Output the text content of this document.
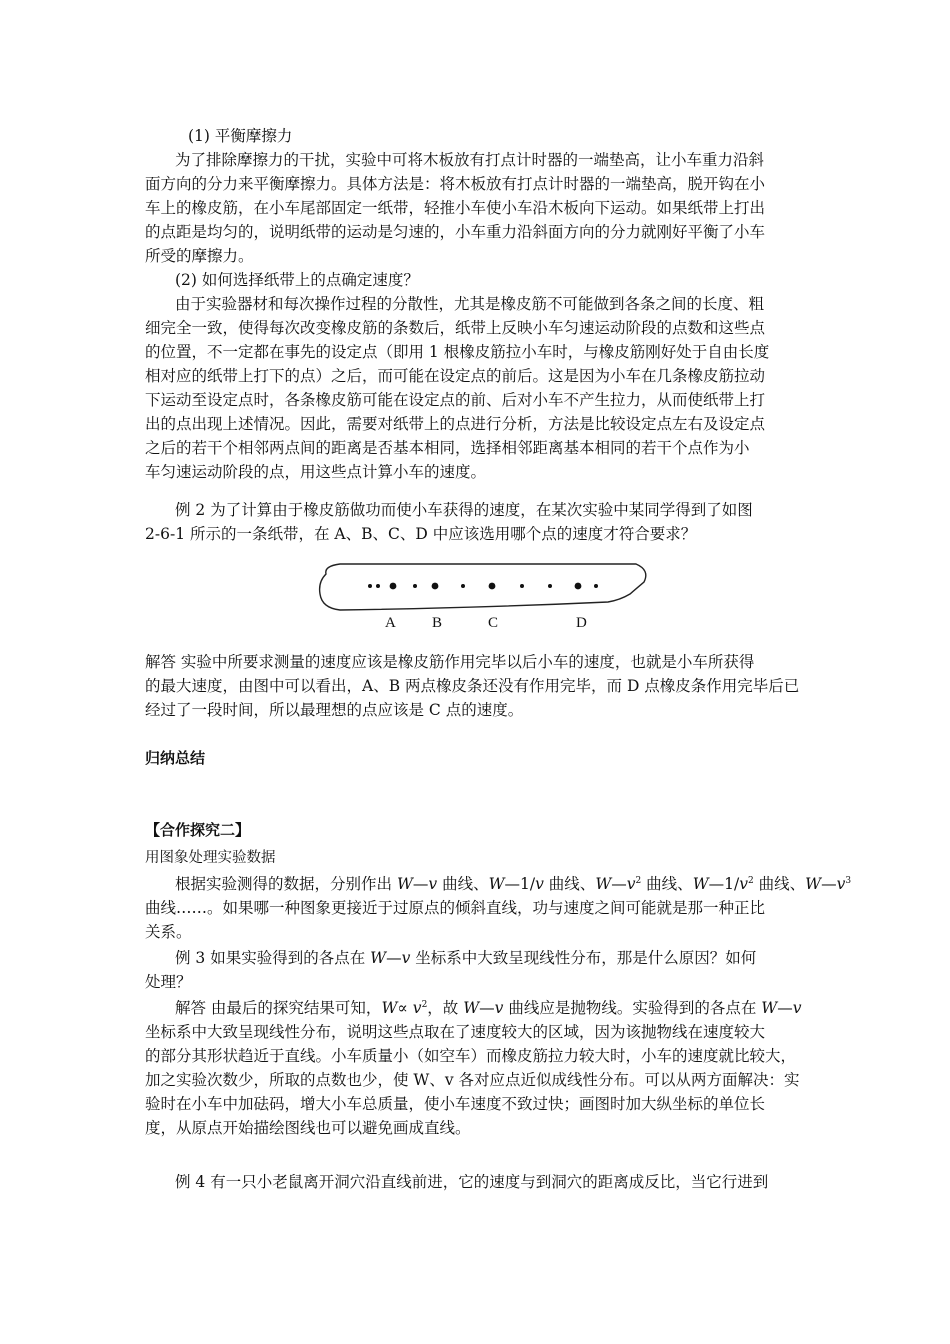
(1) 平衡摩擦力
为了排除摩擦力的干扰，实验中可将木板放有打点计时器的一端垫高，让小车重力沿斜
面方向的分力来平衡摩擦力。具体方法是：将木板放有打点计时器的一端垫高，脱开钩在小
车上的橡皮筋，在小车尾部固定一纸带，轻推小车使小车沿木板向下运动。如果纸带上打出
的点距是均匀的，说明纸带的运动是匀速的，小车重力沿斜面方向的分力就刚好平衡了小车
所受的摩擦力。
(2) 如何选择纸带上的点确定速度？
由于实验器材和每次操作过程的分散性，尤其是橡皮筋不可能做到各条之间的长度、粗
细完全一致，使得每次改变橡皮筋的条数后，纸带上反映小车匀速运动阶段的点数和这些点
的位置，不一定都在事先的设定点（即用 1 根橡皮筋拉小车时，与橡皮筋刚好处于自由长度
相对应的纸带上打下的点）之后，而可能在设定点的前后。这是因为小车在几条橡皮筋拉动
下运动至设定点时，各条橡皮筋可能在设定点的前、后对小车不产生拉力，从而使纸带上打
出的点出现上述情况。因此，需要对纸带上的点进行分析，方法是比较设定点左右及设定点
之后的若干个相邻两点间的距离是否基本相同，选择相邻距离基本相同的若干个点作为小
车匀速运动阶段的点，用这些点计算小车的速度。
例 2 为了计算由于橡皮筋做功而使小车获得的速度，在某次实验中某同学得到了如图
2-6-1 所示的一条纸带，在 A、B、C、D 中应该选用哪个点的速度才符合要求？
A B	C	D
解答 实验中所要求测量的速度应该是橡皮筋作用完毕以后小车的速度，也就是小车所获得
的最大速度，由图中可以看出，A、B 两点橡皮条还没有作用完毕，而 D 点橡皮条作用完毕后已
经过了一段时间，所以最理想的点应该是 C 点的速度。
归纳总结
【合作探究二】
用图象处理实验数据
根据实验测得的数据，分别作出 W—v 曲线、W—1/v 曲线、$W—v^2$ 曲线、$W—1/v^2$ 曲线、$W—v^3$
曲线……。如果哪一种图象更接近于过原点的倾斜直线，功与速度之间可能就是那一种正比
关系。
例 3 如果实验得到的各点在 W—v 坐标系中大致呈现线性分布，那是什么原因？如何
处理？
解答 由最后的探究结果可知，$W\propto v^2$，故 W—v 曲线应是抛物线。实验得到的各点在 W—v
坐标系中大致呈现线性分布，说明这些点取在了速度较大的区域，因为该抛物线在速度较大
的部分其形状趋近于直线。小车质量小（如空车）而橡皮筋拉力较大时，小车的速度就比较大，
加之实验次数少，所取的点数也少，使 W、v 各对应点近似成线性分布。可以从两方面解决：实
验时在小车中加砝码，增大小车总质量，使小车速度不致过快；画图时加大纵坐标的单位长
度，从原点开始描绘图线也可以避免画成直线。
例 4 有一只小老鼠离开洞穴沿直线前进，它的速度与到洞穴的距离成反比，当它行进到
